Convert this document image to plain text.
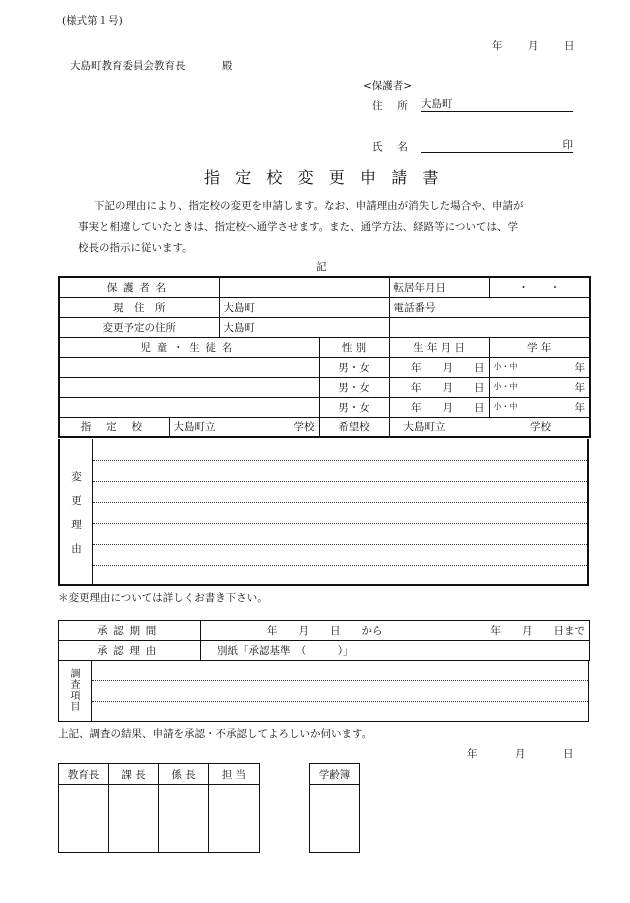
(様式第１号)
年 月 日
大島町教育委員会教育長	殿
<保護者>
住 所 大島町
氏 名	印
指定校変更申請書
下記の理由により、指定校の変更を申請します。なお、申請理由が消失した場合や、申請が
事実と相違していたときは、指定校へ通学させます。また、通学方法、経路等については、学
校長の指示に従います。
記
保護者名				転居年月日	・　　・
現　住　所		大島町		電話番号	
変更予定の住所		大島町			
児童・生徒名			性 別	生 年 月 日	学 年
			男・女	年　　 月　　 日	小・中 年

			男・女	年　　 月　　 日	小・中 年

			男・女	年　　 月　　 日	小・中 年

指 定 校	大島町立 学校		希望校	大島町立 学校	
変
更
理
由
＊変更理由については詳しくお書き下さい。
承認期間	年　　月　　日　　から 年　　月　　日まで

承認理由	別紙「承認基準　（　　　）」
調
査
項
目
上記、調査の結果、申請を承認・不承認してよろしいか伺います。
年	月	日
教育長	課 長	係 長	担 当
				学齢簿
